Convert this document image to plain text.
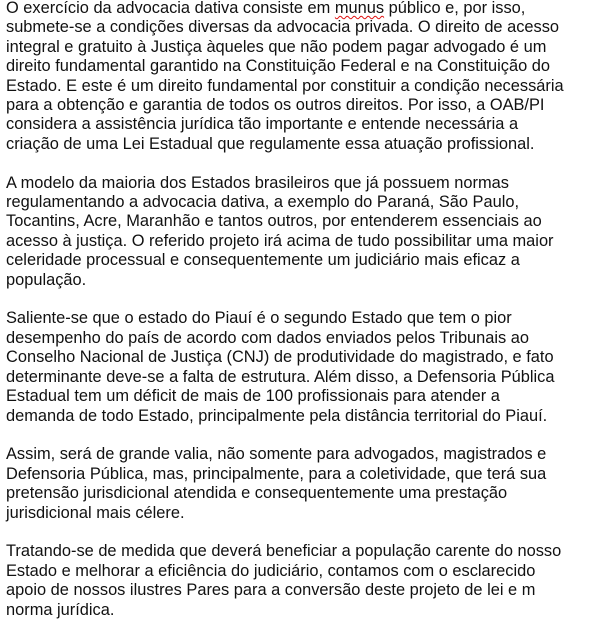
O exercício da advocacia dativa consiste em munus público e, por isso,
submete-se a condições diversas da advocacia privada. O direito de acesso
integral e gratuito à Justiça àqueles que não podem pagar advogado é um
direito fundamental garantido na Constituição Federal e na Constituição do
Estado. E este é um direito fundamental por constituir a condição necessária
para a obtenção e garantia de todos os outros direitos. Por isso, a OAB/PI
considera a assistência jurídica tão importante e entende necessária a
criação de uma Lei Estadual que regulamente essa atuação profissional.
A modelo da maioria dos Estados brasileiros que já possuem normas
regulamentando a advocacia dativa, a exemplo do Paraná, São Paulo,
Tocantins, Acre, Maranhão e tantos outros, por entenderem essenciais ao
acesso à justiça. O referido projeto irá acima de tudo possibilitar uma maior
celeridade processual e consequentemente um judiciário mais eficaz a
população.
Saliente-se que o estado do Piauí é o segundo Estado que tem o pior
desempenho do país de acordo com dados enviados pelos Tribunais ao
Conselho Nacional de Justiça (CNJ) de produtividade do magistrado, e fato
determinante deve-se a falta de estrutura. Além disso, a Defensoria Pública
Estadual tem um déficit de mais de 100 profissionais para atender a
demanda de todo Estado, principalmente pela distância territorial do Piauí.
Assim, será de grande valia, não somente para advogados, magistrados e
Defensoria Pública, mas, principalmente, para a coletividade, que terá sua
pretensão jurisdicional atendida e consequentemente uma prestação
jurisdicional mais célere.
Tratando-se de medida que deverá beneficiar a população carente do nosso
Estado e melhorar a eficiência do judiciário, contamos com o esclarecido
apoio de nossos ilustres Pares para a conversão deste projeto de lei e m
norma jurídica.
